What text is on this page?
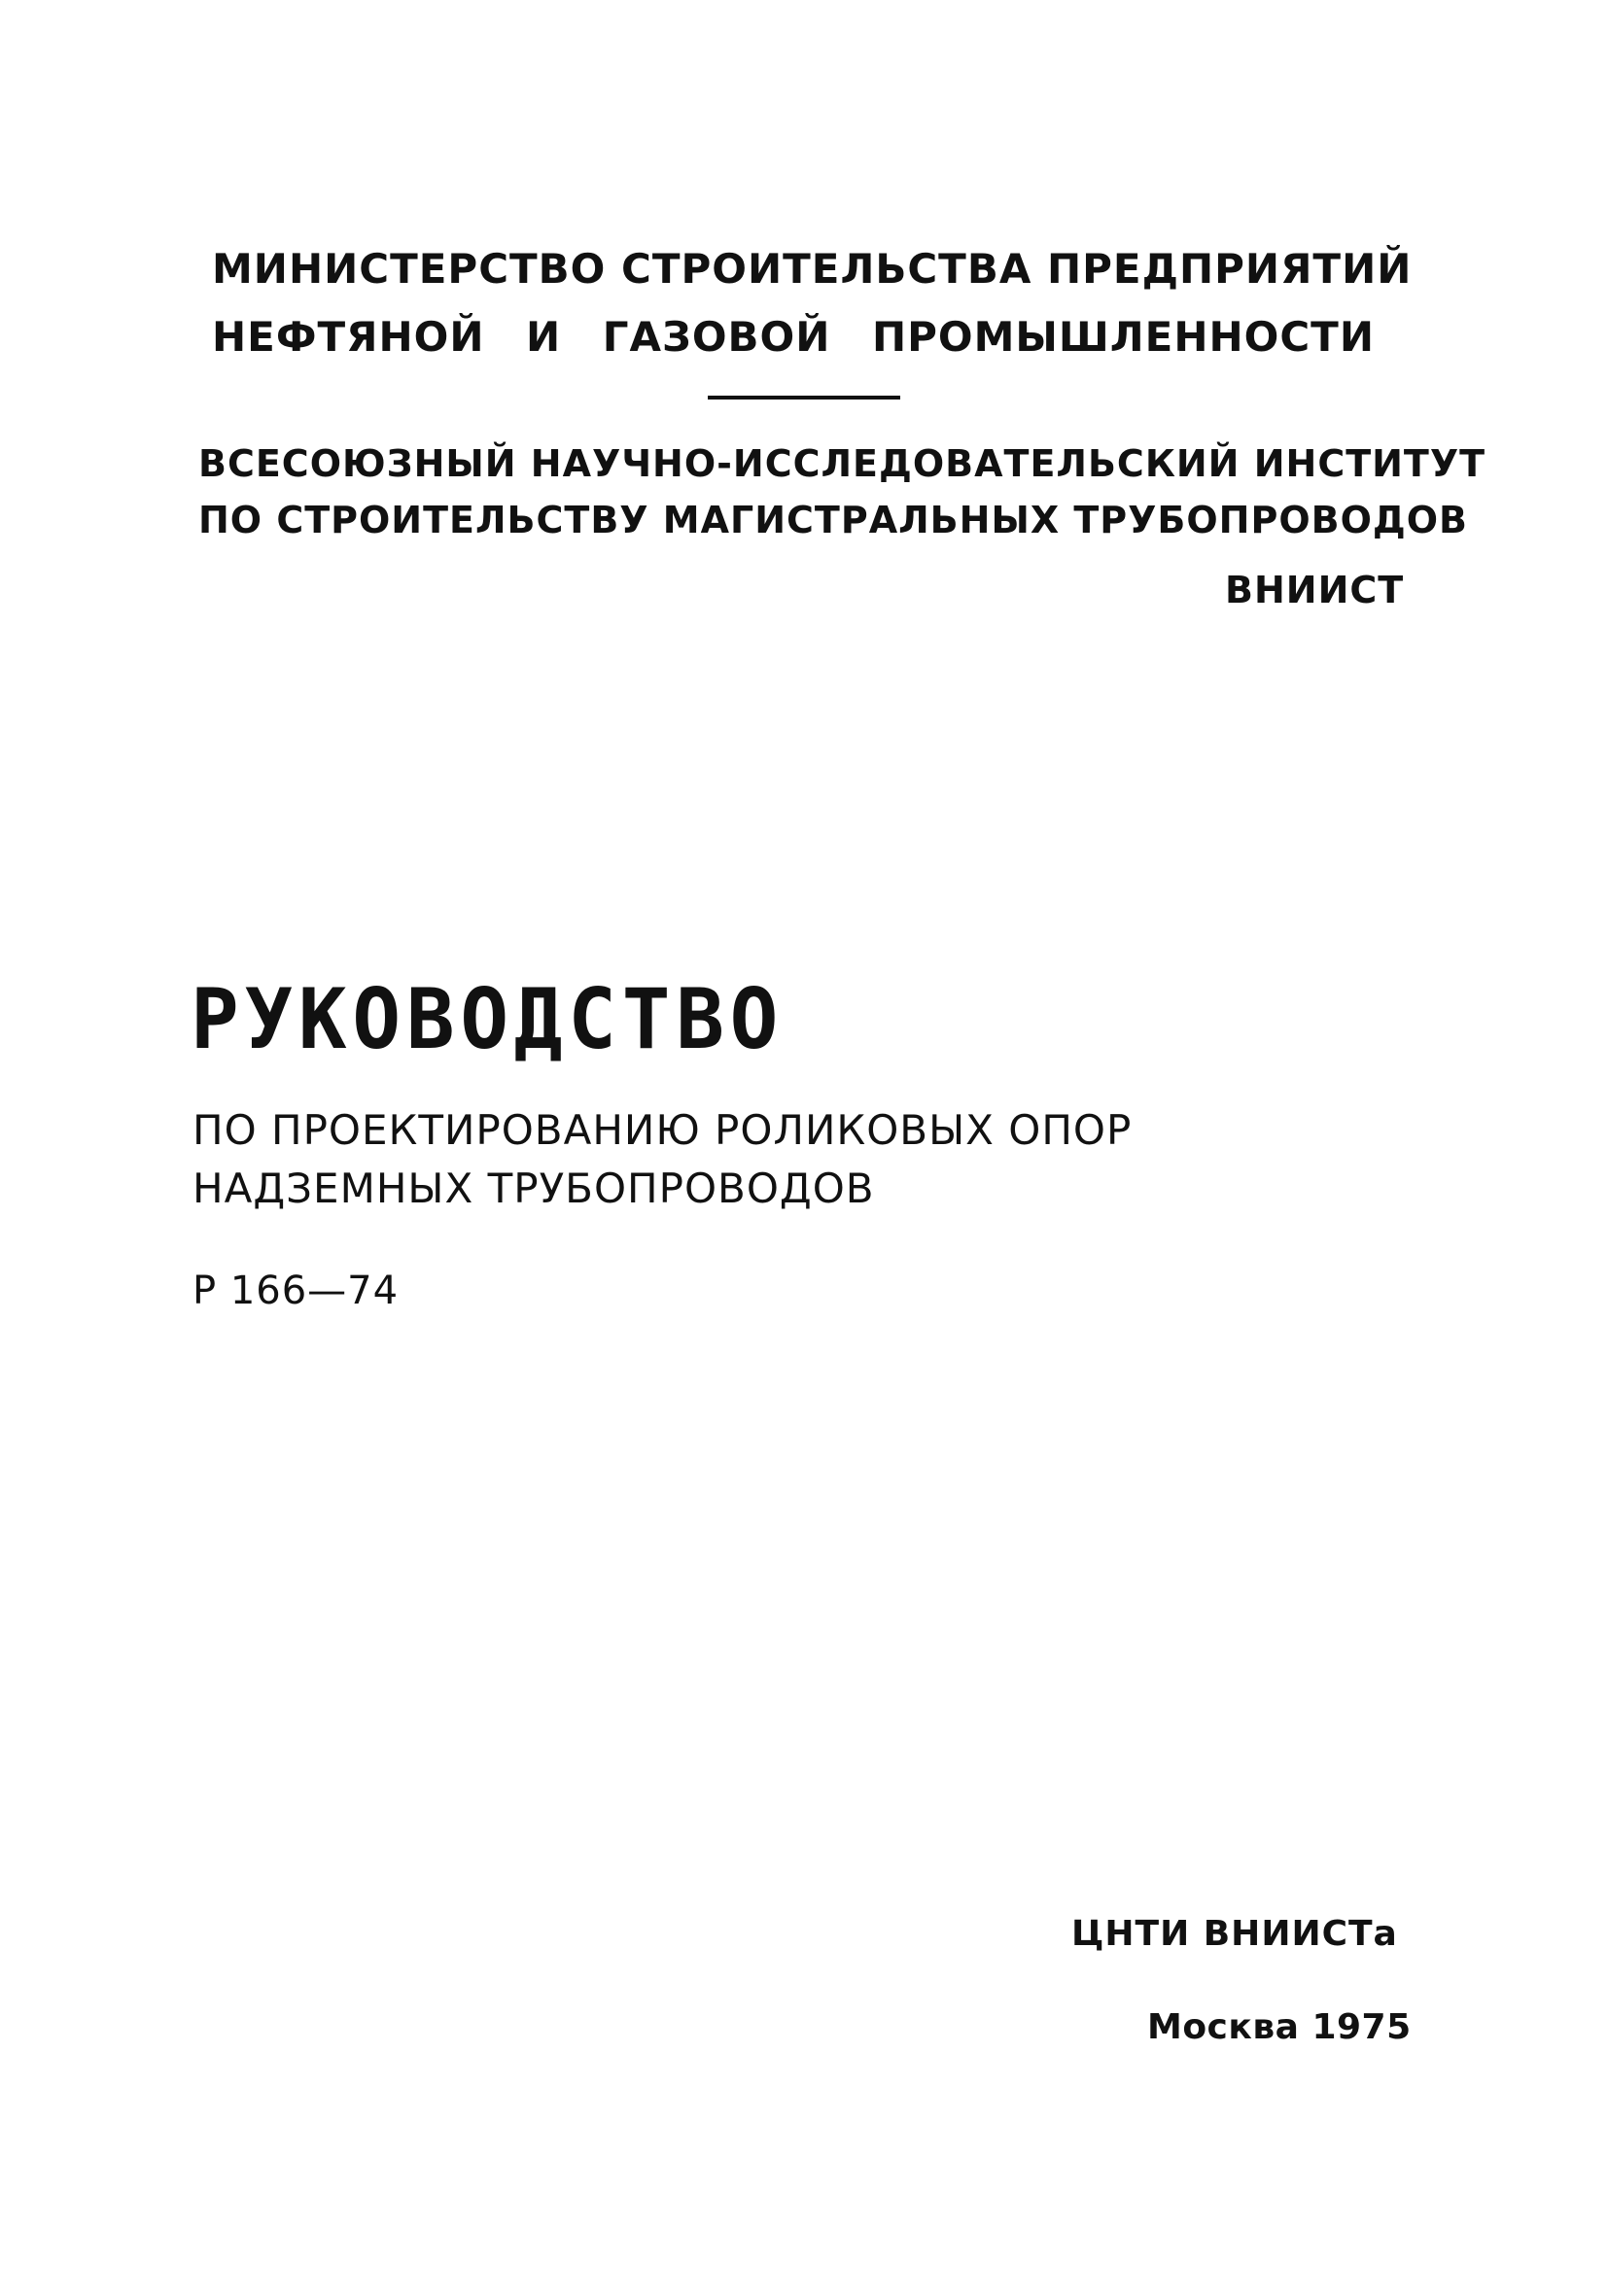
МИНИСТЕРСТВО СТРОИТЕЛЬСТВА ПРЕДПРИЯТИЙ
НЕФТЯНОЙ И ГАЗОВОЙ ПРОМЫШЛЕННОСТИ
ВСЕСОЮЗНЫЙ НАУЧНО-ИССЛЕДОВАТЕЛЬСКИЙ ИНСТИТУТ
ПО СТРОИТЕЛЬСТВУ МАГИСТРАЛЬНЫХ ТРУБОПРОВОДОВ
ВНИИСТ
РУКОВОДСТВО
ПО ПРОЕКТИРОВАНИЮ РОЛИКОВЫХ ОПОР
НАДЗЕМНЫХ ТРУБОПРОВОДОВ
Р 166—74
ЦНТИ ВНИИСТа
Москва 1975
